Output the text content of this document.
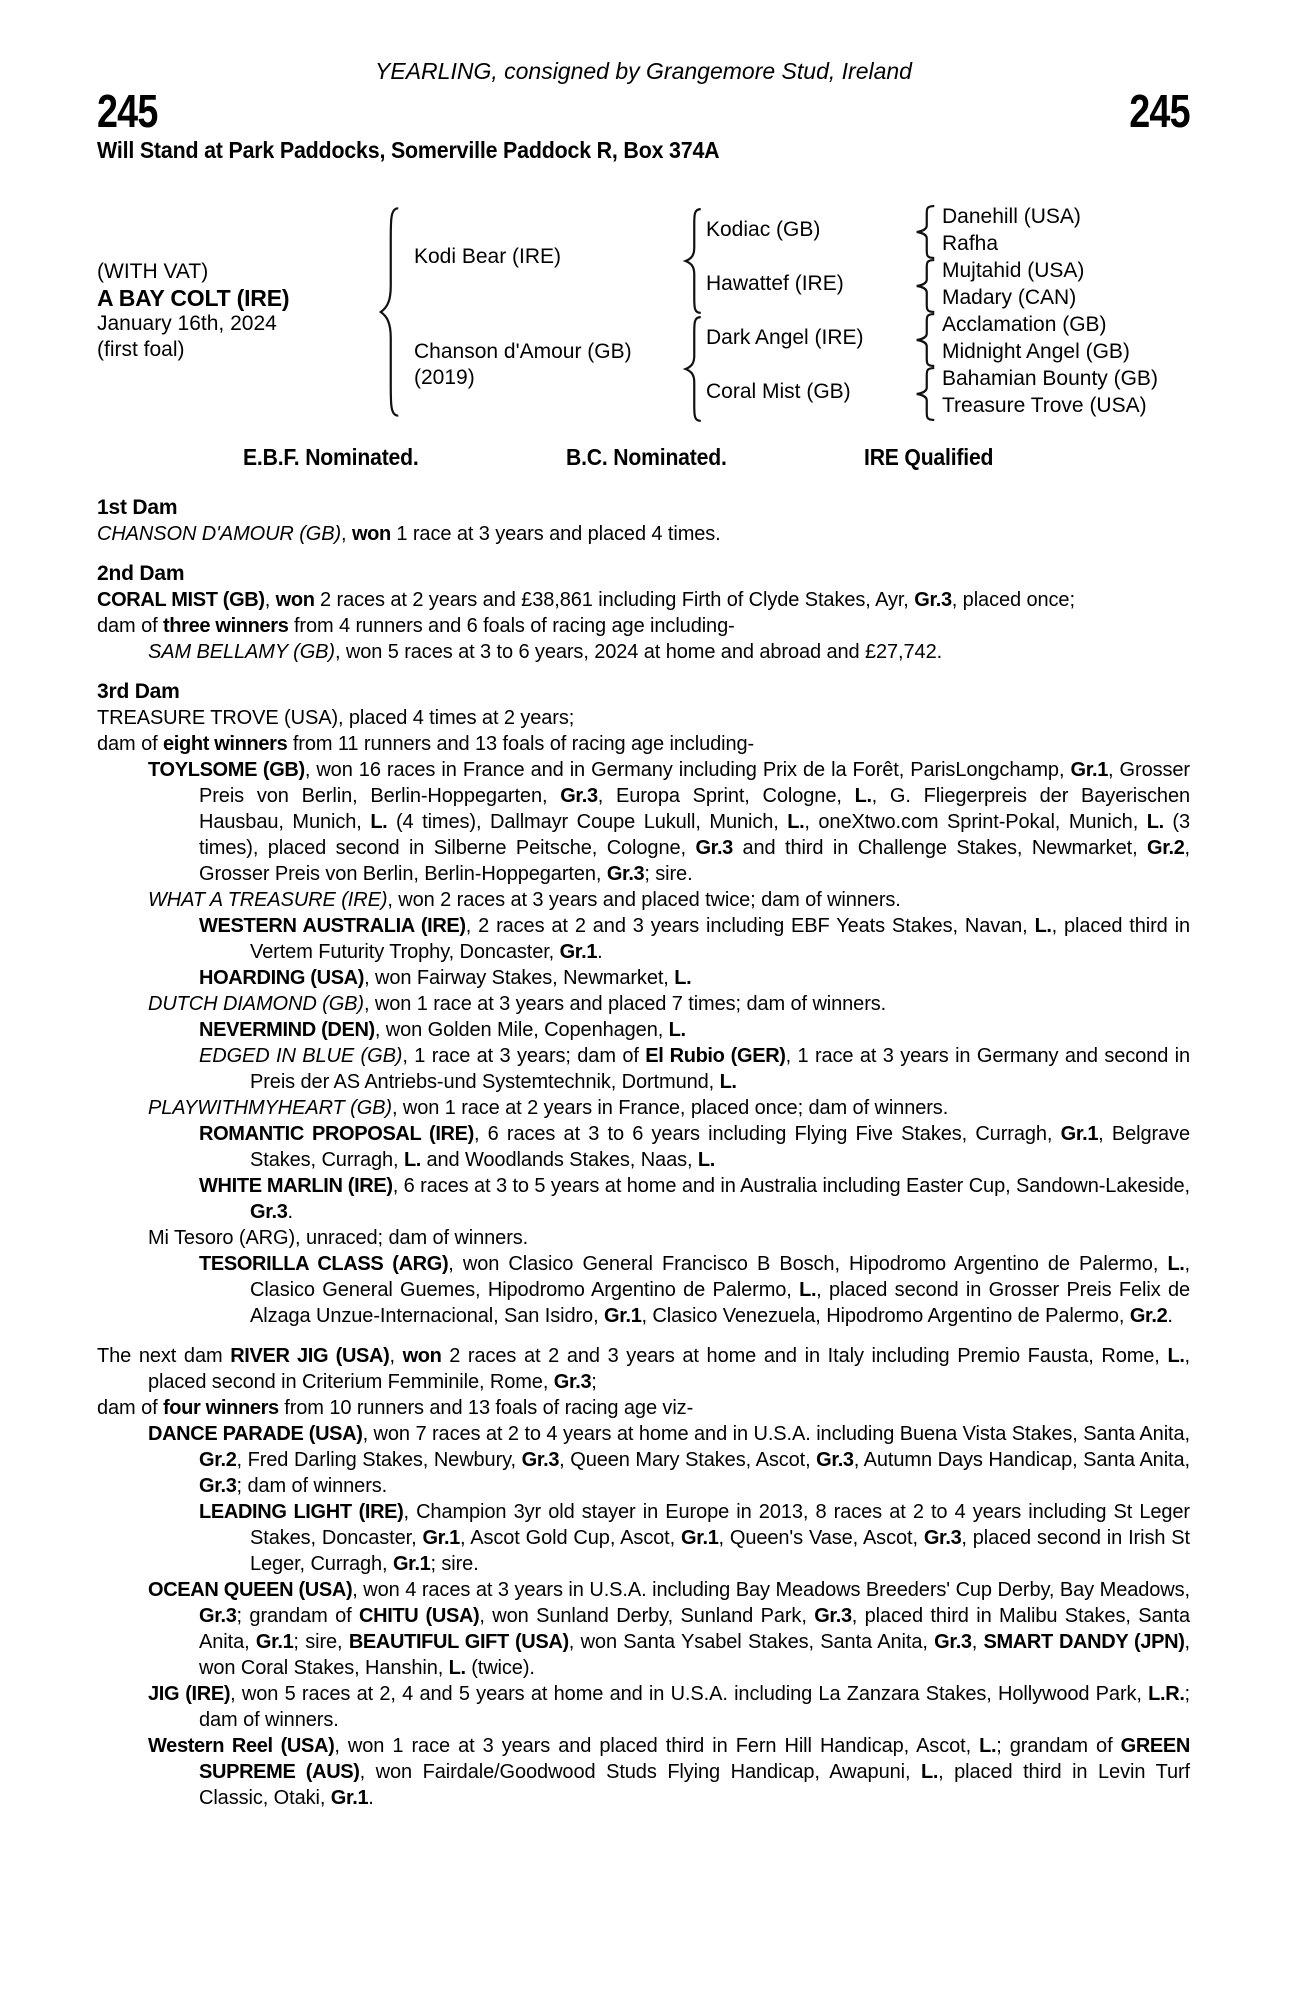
YEARLING, consigned by Grangemore Stud, Ireland
245	245
Will Stand at Park Paddocks, Somerville Paddock R, Box 374A
(WITH VAT)
A BAY COLT (IRE)
January 16th, 2024
(first foal)
Kodi Bear (IRE)
Chanson d'Amour (GB)
(2019)
Kodiac (GB)
Hawattef (IRE)
Dark Angel (IRE)
Coral Mist (GB)
Danehill (USA)
Rafha
Mujtahid (USA)
Madary (CAN)
Acclamation (GB)
Midnight Angel (GB)
Bahamian Bounty (GB)
Treasure Trove (USA)
E.B.F. Nominated.	B.C. Nominated.	IRE Qualified
1st Dam

CHANSON D'AMOUR (GB), won 1 race at 3 years and placed 4 times.

2nd Dam

CORAL MIST (GB), won 2 races at 2 years and £38,861 including Firth of Clyde Stakes, Ayr, Gr.3, placed once;

dam of three winners from 4 runners and 6 foals of racing age including-

SAM BELLAMY (GB), won 5 races at 3 to 6 years, 2024 at home and abroad and £27,742.

3rd Dam

TREASURE TROVE (USA), placed 4 times at 2 years;

dam of eight winners from 11 runners and 13 foals of racing age including-

TOYLSOME (GB), won 16 races in France and in Germany including Prix de la Forêt, ParisLongchamp, Gr.1, Grosser Preis von Berlin, Berlin-Hoppegarten, Gr.3, Europa Sprint, Cologne, L., G. Fliegerpreis der Bayerischen Hausbau, Munich, L. (4 times), Dallmayr Coupe Lukull, Munich, L., oneXtwo.com Sprint-Pokal, Munich, L. (3 times), placed second in Silberne Peitsche, Cologne, Gr.3 and third in Challenge Stakes, Newmarket, Gr.2, Grosser Preis von Berlin, Berlin-Hoppegarten, Gr.3; sire.

WHAT A TREASURE (IRE), won 2 races at 3 years and placed twice; dam of winners.

WESTERN AUSTRALIA (IRE), 2 races at 2 and 3 years including EBF Yeats Stakes, Navan, L., placed third in Vertem Futurity Trophy, Doncaster, Gr.1.

HOARDING (USA), won Fairway Stakes, Newmarket, L.

DUTCH DIAMOND (GB), won 1 race at 3 years and placed 7 times; dam of winners.

NEVERMIND (DEN), won Golden Mile, Copenhagen, L.

EDGED IN BLUE (GB), 1 race at 3 years; dam of El Rubio (GER), 1 race at 3 years in Germany and second in Preis der AS Antriebs-und Systemtechnik, Dortmund, L.

PLAYWITHMYHEART (GB), won 1 race at 2 years in France, placed once; dam of winners.

ROMANTIC PROPOSAL (IRE), 6 races at 3 to 6 years including Flying Five Stakes, Curragh, Gr.1, Belgrave Stakes, Curragh, L. and Woodlands Stakes, Naas, L.

WHITE MARLIN (IRE), 6 races at 3 to 5 years at home and in Australia including Easter Cup, Sandown-Lakeside, Gr.3.

Mi Tesoro (ARG), unraced; dam of winners.

TESORILLA CLASS (ARG), won Clasico General Francisco B Bosch, Hipodromo Argentino de Palermo, L., Clasico General Guemes, Hipodromo Argentino de Palermo, L., placed second in Grosser Preis Felix de Alzaga Unzue-Internacional, San Isidro, Gr.1, Clasico Venezuela, Hipodromo Argentino de Palermo, Gr.2.

The next dam RIVER JIG (USA), won 2 races at 2 and 3 years at home and in Italy including Premio Fausta, Rome, L., placed second in Criterium Femminile, Rome, Gr.3;

dam of four winners from 10 runners and 13 foals of racing age viz-

DANCE PARADE (USA), won 7 races at 2 to 4 years at home and in U.S.A. including Buena Vista Stakes, Santa Anita, Gr.2, Fred Darling Stakes, Newbury, Gr.3, Queen Mary Stakes, Ascot, Gr.3, Autumn Days Handicap, Santa Anita, Gr.3; dam of winners.

LEADING LIGHT (IRE), Champion 3yr old stayer in Europe in 2013, 8 races at 2 to 4 years including St Leger Stakes, Doncaster, Gr.1, Ascot Gold Cup, Ascot, Gr.1, Queen's Vase, Ascot, Gr.3, placed second in Irish St Leger, Curragh, Gr.1; sire.

OCEAN QUEEN (USA), won 4 races at 3 years in U.S.A. including Bay Meadows Breeders' Cup Derby, Bay Meadows, Gr.3; grandam of CHITU (USA), won Sunland Derby, Sunland Park, Gr.3, placed third in Malibu Stakes, Santa Anita, Gr.1; sire, BEAUTIFUL GIFT (USA), won Santa Ysabel Stakes, Santa Anita, Gr.3, SMART DANDY (JPN), won Coral Stakes, Hanshin, L. (twice).

JIG (IRE), won 5 races at 2, 4 and 5 years at home and in U.S.A. including La Zanzara Stakes, Hollywood Park, L.R.; dam of winners.

Western Reel (USA), won 1 race at 3 years and placed third in Fern Hill Handicap, Ascot, L.; grandam of GREEN SUPREME (AUS), won Fairdale/Goodwood Studs Flying Handicap, Awapuni, L., placed third in Levin Turf Classic, Otaki, Gr.1.
